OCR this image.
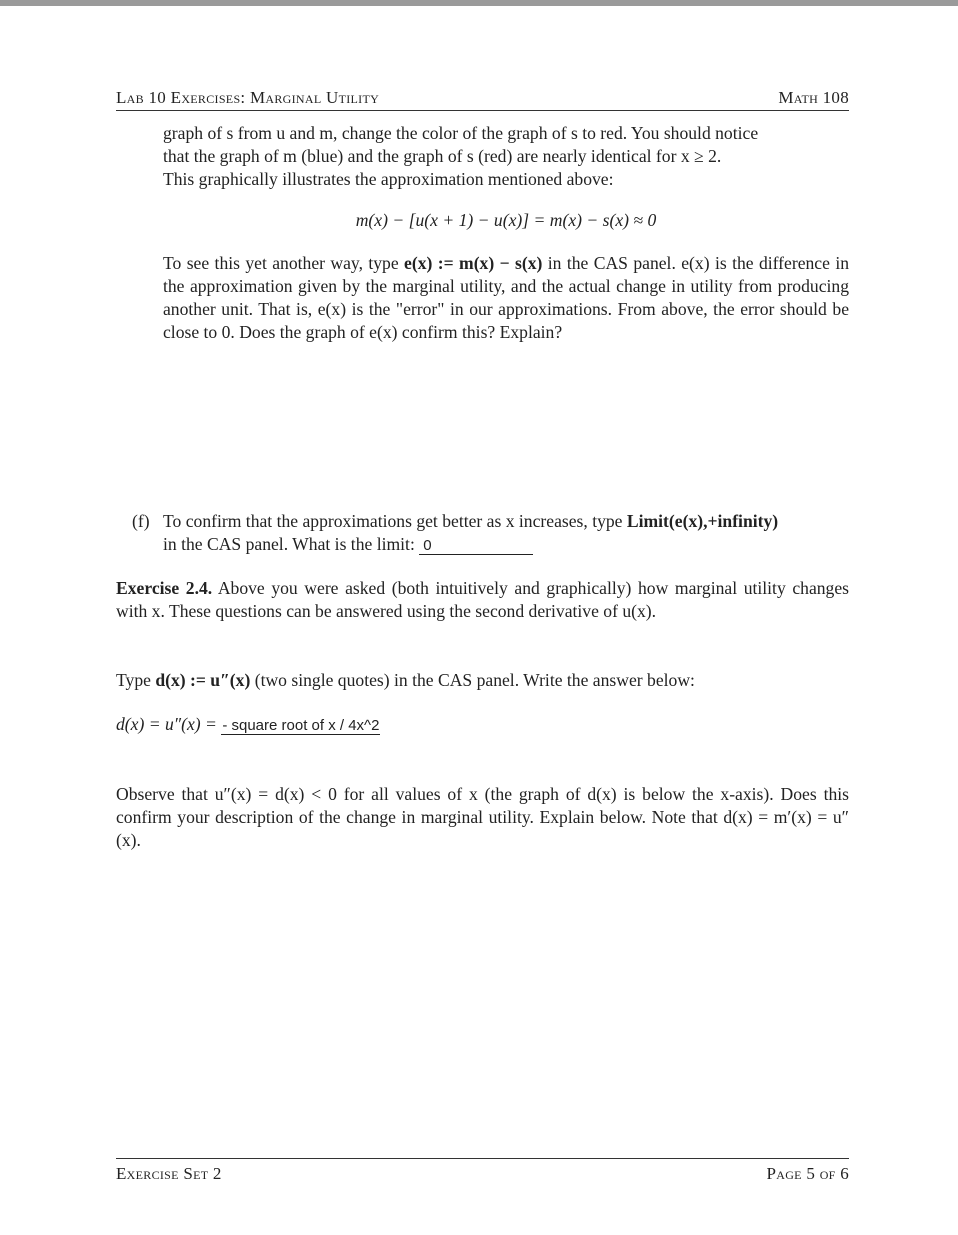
Lab 10 Exercises: Marginal Utility	Math 108
graph of s from u and m, change the color of the graph of s to red. You should notice
that the graph of m (blue) and the graph of s (red) are nearly identical for x ≥ 2.
This graphically illustrates the approximation mentioned above:
m(x) − [u(x + 1) − u(x)] = m(x) − s(x) ≈ 0
To see this yet another way, type e(x) := m(x) − s(x) in the CAS panel. e(x) is the difference in the approximation given by the marginal utility, and the actual change in utility from producing another unit. That is, e(x) is the "error" in our approximations. From above, the error should be close to 0. Does the graph of e(x) confirm this? Explain?
(f) To confirm that the approximations get better as x increases, type Limit(e(x),+infinity)
in the CAS panel. What is the limit: 0
Exercise 2.4. Above you were asked (both intuitively and graphically) how marginal utility changes with x. These questions can be answered using the second derivative of u(x).
Type d(x) := u″(x) (two single quotes) in the CAS panel. Write the answer below:
d(x) = u″(x) = - square root of x / 4x^2
Observe that u″(x) = d(x) < 0 for all values of x (the graph of d(x) is below the x-axis). Does this confirm your description of the change in marginal utility. Explain below. Note that d(x) = m′(x) = u″(x).
Exercise Set 2	Page 5 of 6
